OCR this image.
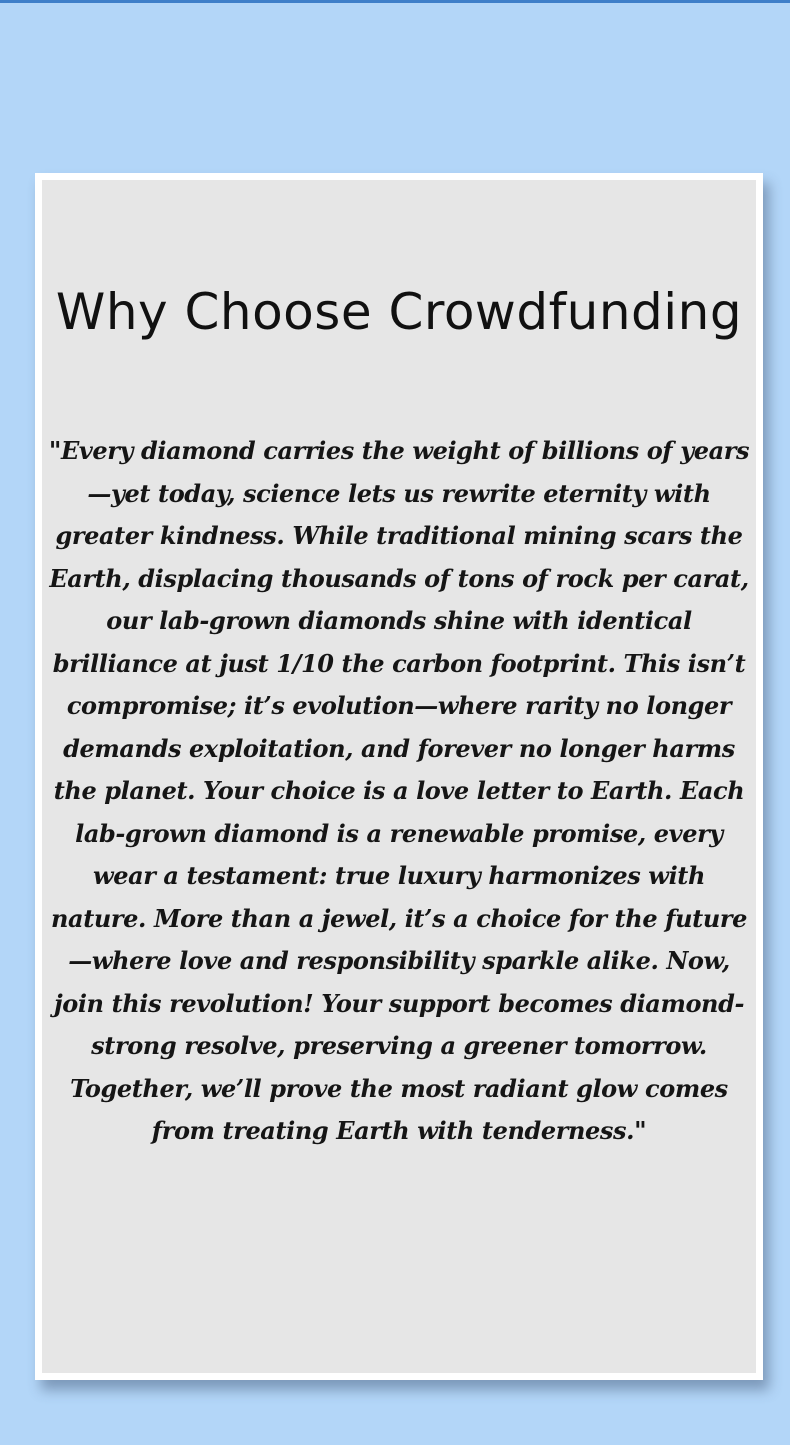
Why Choose Crowdfunding

"Every diamond carries the weight of billions of years—yet today, science lets us rewrite eternity with greater kindness. While traditional mining scars the Earth, displacing thousands of tons of rock per carat, our lab-grown diamonds shine with identical brilliance at just 1/10 the carbon footprint. This isn’t compromise; it’s evolution—where rarity no longer demands exploitation, and forever no longer harms the planet. Your choice is a love letter to Earth. Each lab-grown diamond is a renewable promise, every wear a testament: true luxury harmonizes with nature. More than a jewel, it’s a choice for the future—where love and responsibility sparkle alike. Now, join this revolution! Your support becomes diamond-strong resolve, preserving a greener tomorrow. Together, we’ll prove the most radiant glow comes from treating Earth with tenderness."
